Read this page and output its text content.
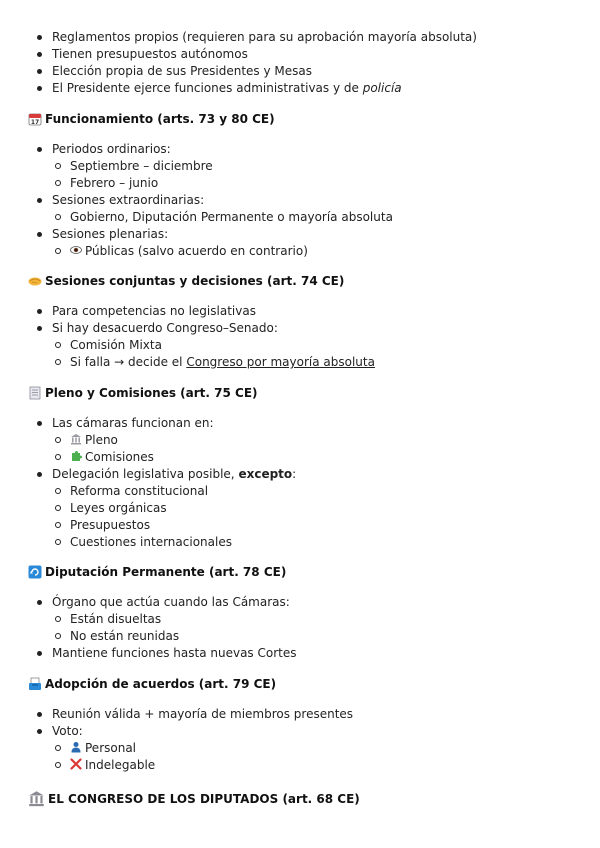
Reglamentos propios (requieren para su aprobación mayoría absoluta)
Tienen presupuestos autónomos
Elección propia de sus Presidentes y Mesas
El Presidente ejerce funciones administrativas y de policía
17 Funcionamiento (arts. 73 y 80 CE)
Periodos ordinarios:
Septiembre – diciembre
Febrero – junio
Sesiones extraordinarias:
Gobierno, Diputación Permanente o mayoría absoluta
Sesiones plenarias:
Públicas (salvo acuerdo en contrario)
Sesiones conjuntas y decisiones (art. 74 CE)
Para competencias no legislativas
Si hay desacuerdo Congreso–Senado:
Comisión Mixta
Si falla → decide el Congreso por mayoría absoluta
Pleno y Comisiones (art. 75 CE)
Las cámaras funcionan en:
Pleno
Comisiones
Delegación legislativa posible, excepto:
Reforma constitucional
Leyes orgánicas
Presupuestos
Cuestiones internacionales
Diputación Permanente (art. 78 CE)
Órgano que actúa cuando las Cámaras:
Están disueltas
No están reunidas
Mantiene funciones hasta nuevas Cortes
Adopción de acuerdos (art. 79 CE)
Reunión válida + mayoría de miembros presentes
Voto:
Personal
Indelegable
EL CONGRESO DE LOS DIPUTADOS (art. 68 CE)
